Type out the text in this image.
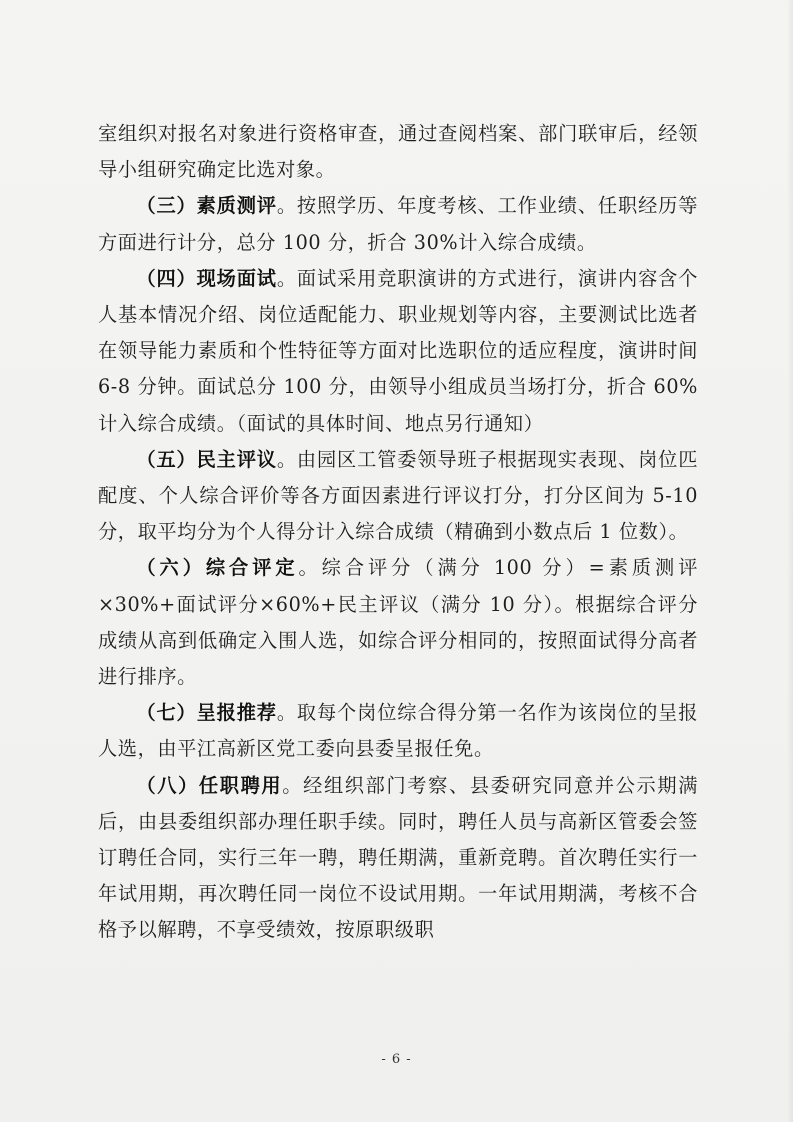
室组织对报名对象进行资格审查，通过查阅档案、部门联审后，经领导小组研究确定比选对象。

（三）素质测评。按照学历、年度考核、工作业绩、任职经历等方面进行计分，总分 100 分，折合 30%计入综合成绩。

（四）现场面试。面试采用竞职演讲的方式进行，演讲内容含个人基本情况介绍、岗位适配能力、职业规划等内容，主要测试比选者在领导能力素质和个性特征等方面对比选职位的适应程度，演讲时间 6-8 分钟。面试总分 100 分，由领导小组成员当场打分，折合 60%计入综合成绩。（面试的具体时间、地点另行通知）

（五）民主评议。由园区工管委领导班子根据现实表现、岗位匹配度、个人综合评价等各方面因素进行评议打分，打分区间为 5-10 分，取平均分为个人得分计入综合成绩（精确到小数点后 1 位数）。

（六）综合评定。综合评分（满分 100 分）=素质测评×30%+面试评分×60%+民主评议（满分 10 分）。根据综合评分成绩从高到低确定入围人选，如综合评分相同的，按照面试得分高者进行排序。

（七）呈报推荐。取每个岗位综合得分第一名作为该岗位的呈报人选，由平江高新区党工委向县委呈报任免。

（八）任职聘用。经组织部门考察、县委研究同意并公示期满后，由县委组织部办理任职手续。同时，聘任人员与高新区管委会签订聘任合同，实行三年一聘，聘任期满，重新竞聘。首次聘任实行一年试用期，再次聘任同一岗位不设试用期。一年试用期满，考核不合格予以解聘，不享受绩效，按原职级职

- 6 -
